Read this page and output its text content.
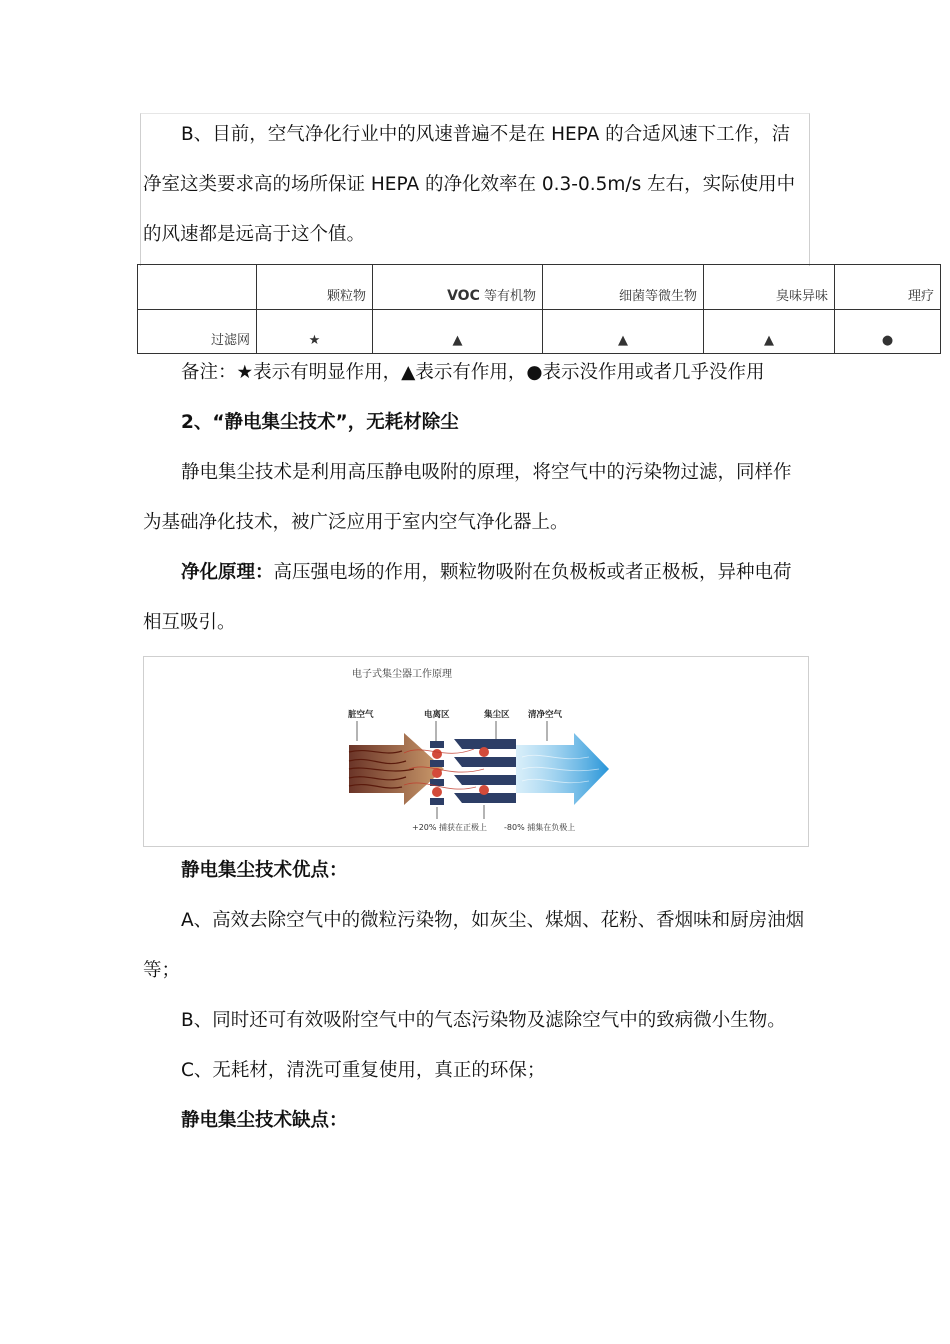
B、目前，空气净化行业中的风速普遍不是在 HEPA 的合适风速下工作，洁净室这类要求高的场所保证 HEPA 的净化效率在 0.3-0.5m/s 左右，实际使用中的风速都是远高于这个值。
	颗粒物	VOC 等有机物	细菌等微生物	臭味异味	理疗
过滤网	★	▲	▲	▲	●
备注：★表示有明显作用，▲表示有作用，●表示没作用或者几乎没作用
2、“静电集尘技术”，无耗材除尘
静电集尘技术是利用高压静电吸附的原理，将空气中的污染物过滤，同样作为基础净化技术，被广泛应用于室内空气净化器上。
净化原理：高压强电场的作用，颗粒物吸附在负极板或者正极板，异种电荷相互吸引。
电子式集尘器工作原理
脏空气	电离区	集尘区 清净空气
+20% 捕获在正极上 -80% 捕集在负极上
静电集尘技术优点：
A、高效去除空气中的微粒污染物，如灰尘、煤烟、花粉、香烟味和厨房油烟等；
B、同时还可有效吸附空气中的气态污染物及滤除空气中的致病微小生物。
C、无耗材，清洗可重复使用，真正的环保；
静电集尘技术缺点：
